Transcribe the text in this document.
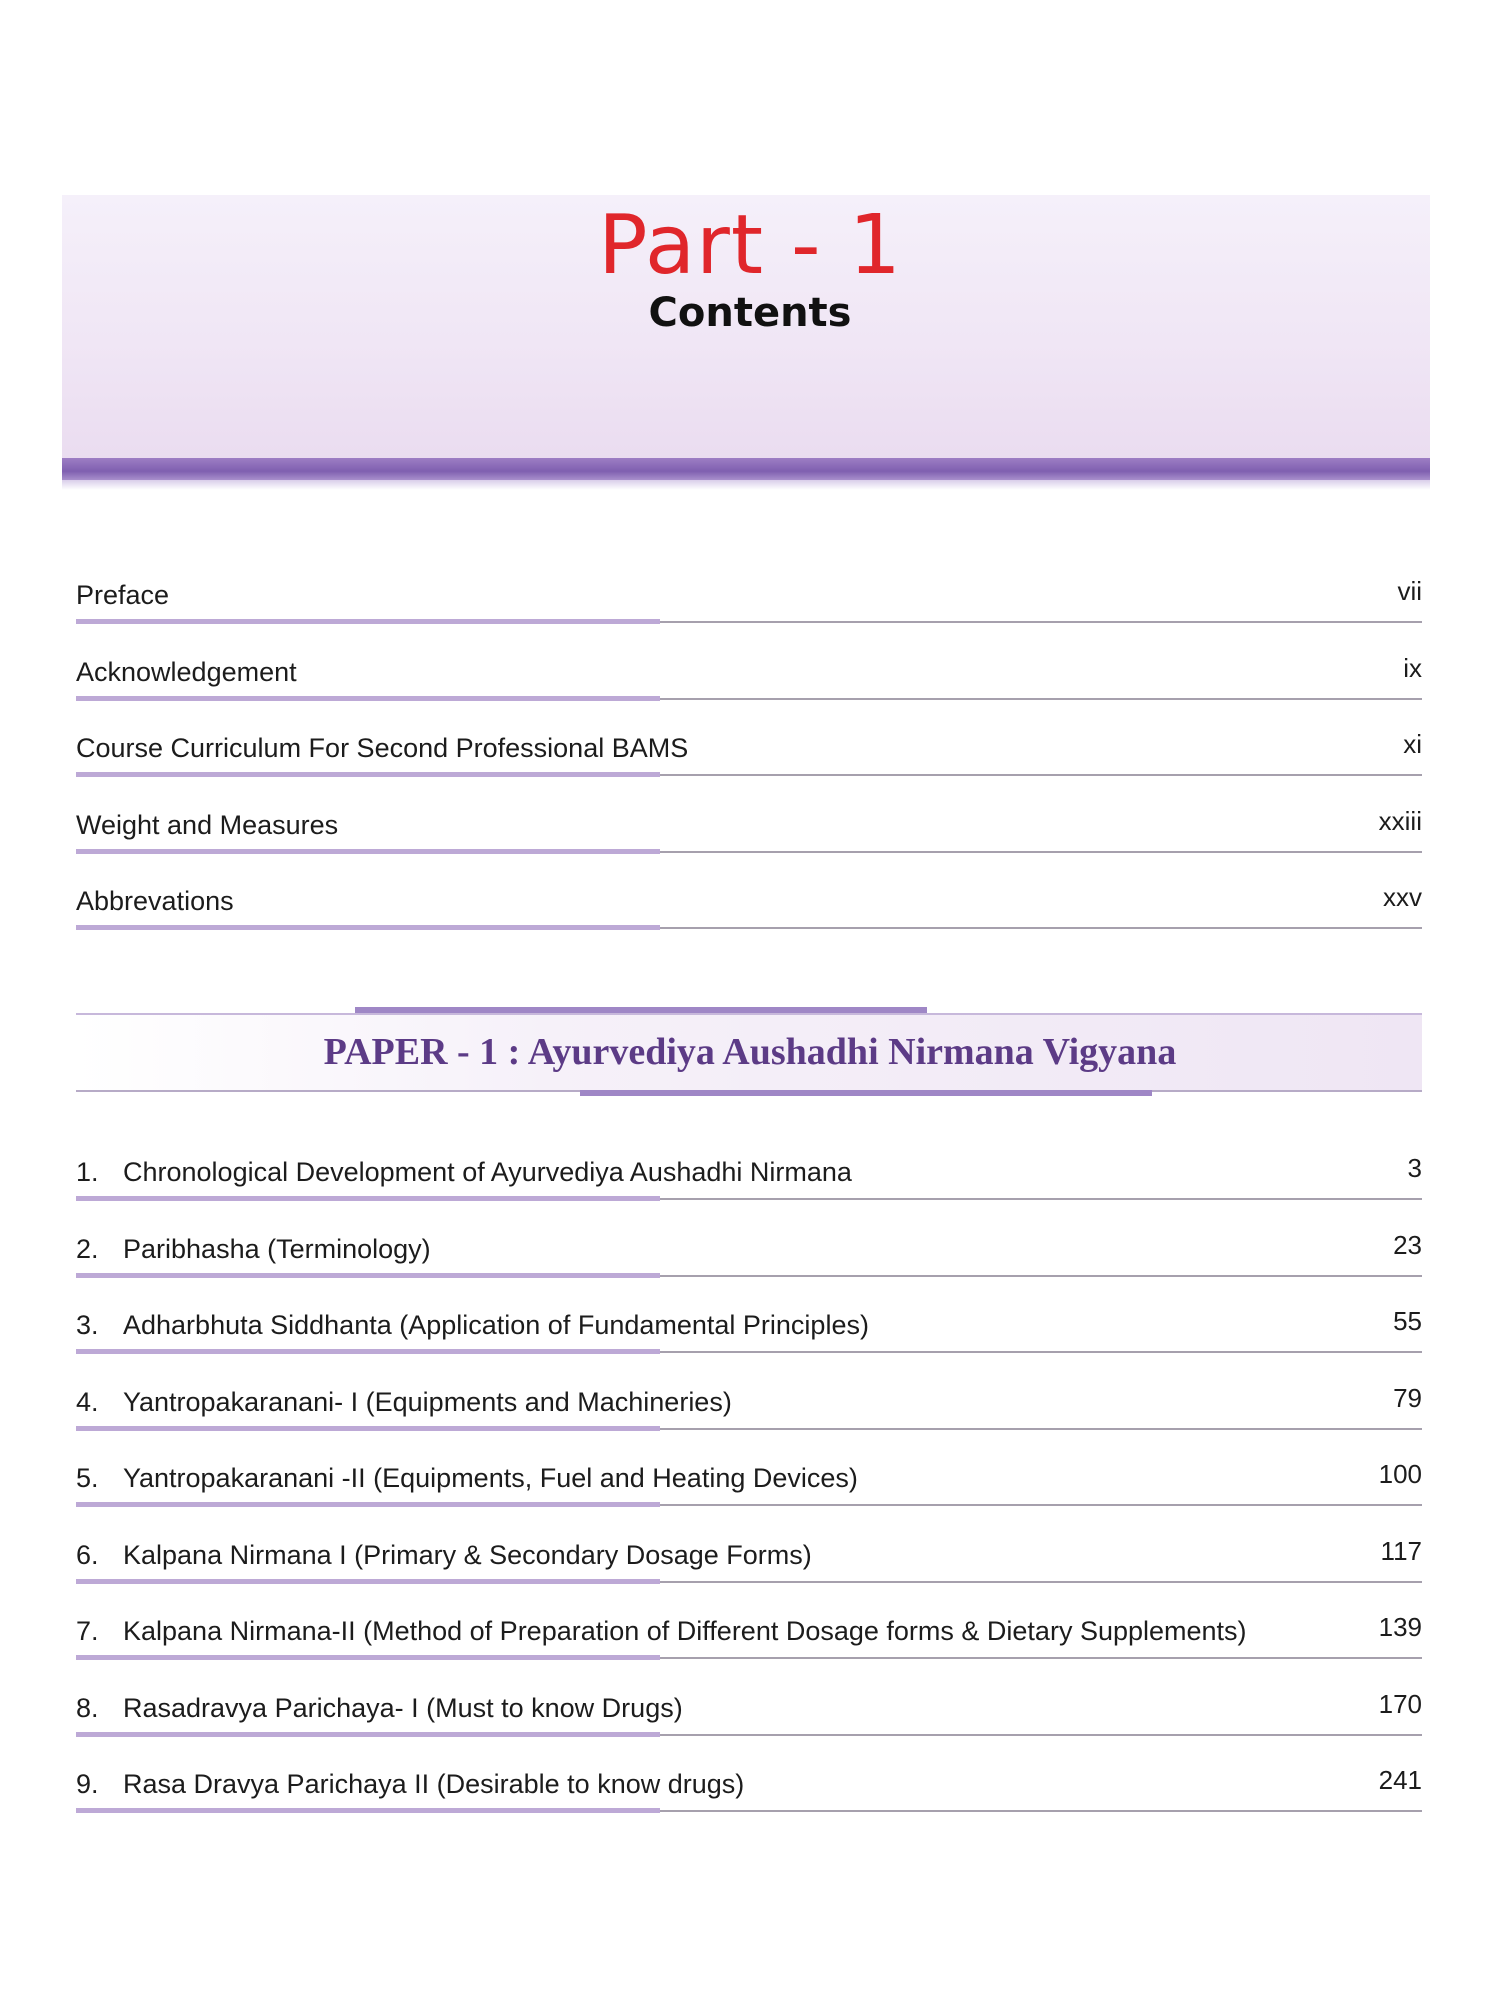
Part - 1
Contents
Preface	vii
Acknowledgement	ix
Course Curriculum For Second Professional BAMS	xi
Weight and Measures	xxiii
Abbrevations	xxv
PAPER - 1 : Ayurvediya Aushadhi Nirmana Vigyana
1. Chronological Development of Ayurvediya Aushadhi Nirmana	3
2. Paribhasha (Terminology)	23
3. Adharbhuta Siddhanta (Application of Fundamental Principles)	55
4. Yantropakaranani- I (Equipments and Machineries)	79
5. Yantropakaranani -II (Equipments, Fuel and Heating Devices)	100
6. Kalpana Nirmana I (Primary & Secondary Dosage Forms)	117
7. Kalpana Nirmana-II (Method of Preparation of Different Dosage forms & Dietary Supplements)	139
8. Rasadravya Parichaya- I (Must to know Drugs)	170
9. Rasa Dravya Parichaya II (Desirable to know drugs)	241
